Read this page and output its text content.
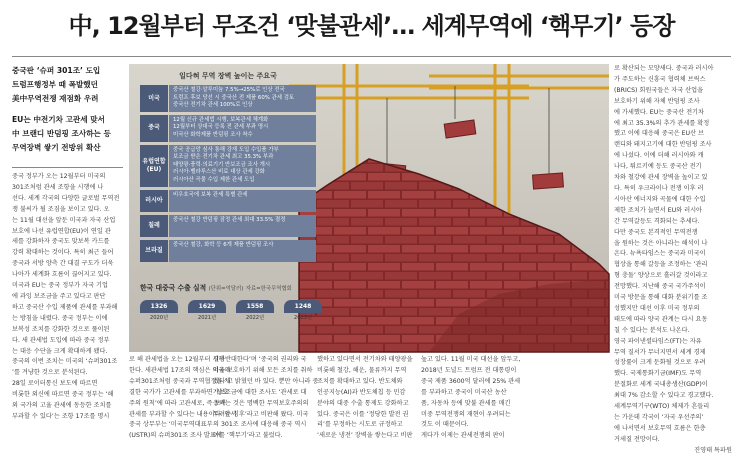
中, 12월부터 무조건 ‘맞불관세’… 세계무역에 ‘핵무기’ 등장
중국판 ‘슈퍼 301조’ 도입
트럼프행정부 때 폭발했던
美中무역전쟁 재점화 우려
EU는 中전기차 고관세 맞서
中 브랜디 반덤핑 조사하는 등
무역장벽 쌓기 전방위 확산

중국 정부가 오는 12월부터 미국의

301조처럼 관세 조항을 시행에 나

선다. 세계 각국의 다양한 글로벌 무역전

쟁 불씨가 될 조짐을 보이고 있다. 오

는 11월 대선을 앞둔 미국과 자국 산업

보호에 나선 유럽연합(EU)이 연일 관

세를 강화하자 중국도 맞보복 카드를

강력 확대하는 것이다. 특히 최근 들어

중국과 서방 양측 간 대결 구도가 더욱

나아가 세계화 흐름이 끊어지고 있다.

미국과 EU는 중국 정부가 자국 기업

에 과잉 보조금을 주고 있다고 판단

하고 중국산 수입 제품에 관세를 부과해

는 방침을 내렸다. 중국 정부는 이에

보복성 조치를 강화한 것으로 풀이된

다. 새 관세법 도입에 따라 중국 정부

는 대응 수단을 크게 확대하게 됐다.

중국의 이번 조치는 미국의 ‘슈퍼301조

’를 겨냥한 것으로 분석된다.

28일 로이터통신 보도에 따르면

비롯한 외신에 따르면 중국 정부는 ‘해

외 국가의 고율 관세에 동등한 조치를

부과할 수 있다’는 조항 17조를 명시

일다혀 무역 장벽 높이는 주요국
미국
중국산 철강·알루미늄 7.5%→25%로 인상 전국
트럼프 후보 당선 시 중국산 전 제품 60% 관세 검토
중국산 전기차 관세 100%로 인상
중국
12월 신규 관세법 시행, 보복관세 체계화
12월부터 상대국 등록 전 관세 부과 명시
미국산 화학제품 반덤핑 조사 착수
유럽연합(EU)
중국 공급망 심사 통해 강재 도입 수입품 가부
보조금 받은 전기차 관세 최고 35.3% 부과
태양광·풍력·의료기기 반보조금 조사 개시
러시아·벨라루스산 비료 대상 관세 강화
러시아산 곡물 수입 제한 관세 도입
러시아
비우호국에 보복 관세 특별 관세
칠레
중국산 철강 반덤핑 잠정 관세 최대 33.5% 결정
브라질
중국산 철강, 화학 등 6개 제품 반덤핑 조사
한국 대중국 수출 실적 (단위=억달러) 자료=한국무역협회
1326
2020년
1629
2021년
1558
2022년
1248
2023년

로 해 관세법을 오는 12월부터 시행

한다. 새관세법 17조의 핵심은 미국의

슈퍼301조처럼 중국과 무역협정을 체

결한 국가가 고관세를 부과하면 ‘상호

주의 원칙’에 따라 고관세로, 즉 보복

관세를 부과할 수 있다는 내용이다. 앞서

중국 상무부는 ‘미국무역대표부

(USTR)의 슈퍼301조 조사 발표에

결사반대한다’며 ‘중국의 권리와 국

익을 보호하기 위해 모든 조치를 취하

겠다’고 밝혔던 바 있다. 뿐만 아니라 중

가보조금에 대한 조사도 ‘관세로 대

응하는 것은 명백한 무역보호주의의

두려운 징후’라고 비판해 왔다. 미국

의 301조 조사에 대응해 중국 역시

이를 ‘핵무기’라고 불렀다.

했하고 있다면서 전기차와 태양광을

비롯해 철강, 해운, 물류까지 무역

조치를 확대하고 있다. 반도체와

인공지능(AI)과 반도체칩 등 민감

분야의 대중 수출 통제도 강화하고

있다. 중국은 이를 ‘정당한 발전 권

리’를 부정하는 시도로 규정하고

‘새로운 냉전’ 장벽을 쌓는다고 비판

높고 있다. 11월 미국 대선을 앞두고,

2018년 도널드 트럼프 전 대통령이

중국 제품 3600억 달러에 25% 관세

를 부과하고 중국이 미국산 농산

품, 자동차 등에 맞불 관세를 매긴

미중 무역전쟁의 재현이 우려되는

것도 이 때문이다.

게다가 이제는 관세전쟁의 판이

로 확산되는 모양새다. 중국과 러시아

가 주도하는 신흥국 협력체 브릭스

(BRICS) 회원국들은 자국 산업을

보호하기 위해 자체 반덤핑 조사

에 가세했다. EU는 중국산 전기차

에 최고 35.3%의 추가 관세를 확정

했고 이에 대응해 중국은 EU산 브

랜디와 돼지고기에 대한 반덤핑 조사

에 나섰다. 이에 더해 러시아와 캐

나다, 튀르키예 등도 중국산 전기

차와 철강에 관세 장벽을 높이고 있

다. 특히 우크라이나 전쟁 이후 러

시아산 에너지와 곡물에 대한 수입

제한 조치가 늘면서 EU와 러시아

간 무역갈등도 격화되는 추세다.

다만 중국도 본격적인 무역전쟁

을 원하는 것은 아니라는 해석이 나

온다. 뉴욕타임스는 중국과 미국이

협상을 통해 갈등을 조정하는 ‘관리

형 충돌’ 양상으로 흘러갈 것이라고

전망했다. 지난해 중국 국가주석이

미국 방문을 통해 대화 분위기를 조

성했지만 대선 이후 미국 정부의

태도에 따라 양국 관계는 다시 요동

칠 수 있다는 분석도 나온다.

영국 파이낸셜타임스(FT)는 자유

무역 질서가 무너지면서 세계 경제

성장률이 크게 둔화될 것으로 우려

했다. 국제통화기금(IMF)도 무역

분절화로 세계 국내총생산(GDP)이

최대 7% 감소할 수 있다고 경고했다.

세계무역기구(WTO) 체제가 흔들리

는 가운데 각국이 ‘자국 우선주의’

에 나서면서 보호무역 흐름은 한층

거세질 전망이다.

진영태 특파원
